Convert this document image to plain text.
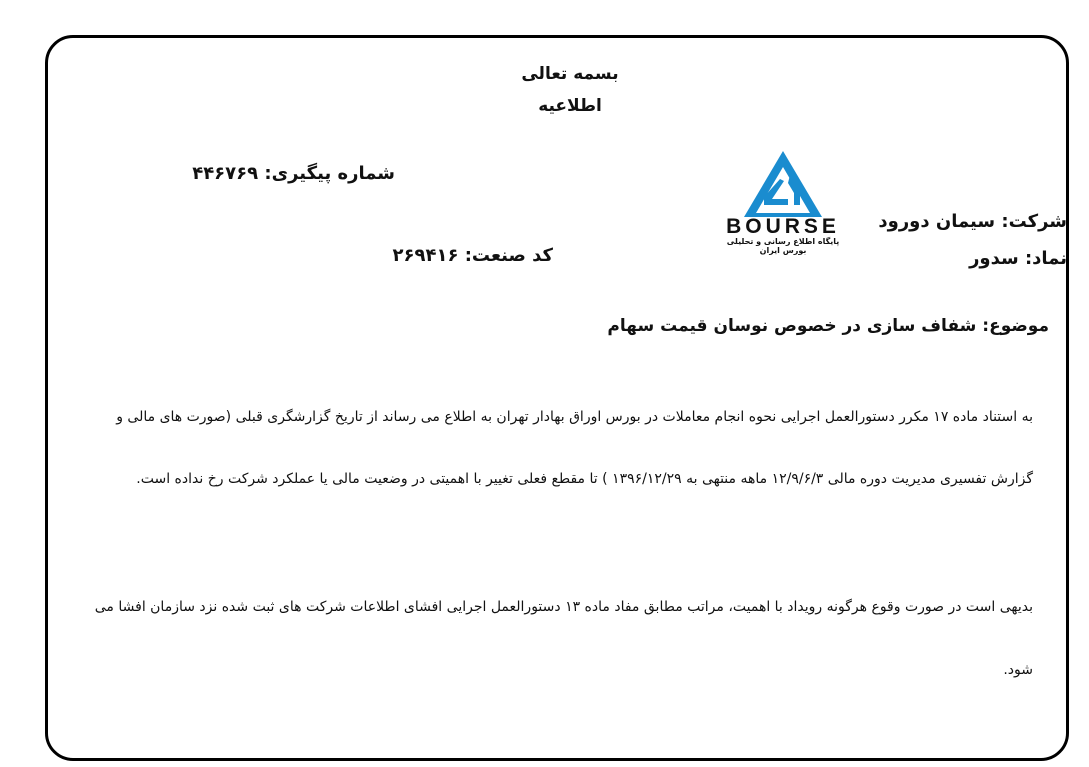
بسمه تعالی
اطلاعیه
شماره پیگیری: ۴۴۶۷۶۹
BOURSE
پایگاه اطلاع رسانی و تحلیلی بورس ایران
شرکت: سیمان دورود
کد صنعت: ۲۶۹۴۱۶	نماد: سدور
موضوع: شفاف سازی در خصوص نوسان قیمت سهام
به استناد ماده ۱۷ مکرر دستورالعمل اجرایی نحوه انجام معاملات در بورس اوراق بهادار تهران به اطلاع می رساند از تاریخ گزارشگری قبلی (صورت های مالی و
گزارش تفسیری مدیریت دوره مالی ۱۲/۹/۶/۳ ماهه منتهی به ۱۳۹۶/۱۲/۲۹ ) تا مقطع فعلی تغییر با اهمیتی در وضعیت مالی یا عملکرد شرکت رخ نداده است.
بدیهی است در صورت وقوع هرگونه رویداد با اهمیت، مراتب مطابق مفاد ماده ۱۳ دستورالعمل اجرایی افشای اطلاعات شرکت های ثبت شده نزد سازمان افشا می
شود.
